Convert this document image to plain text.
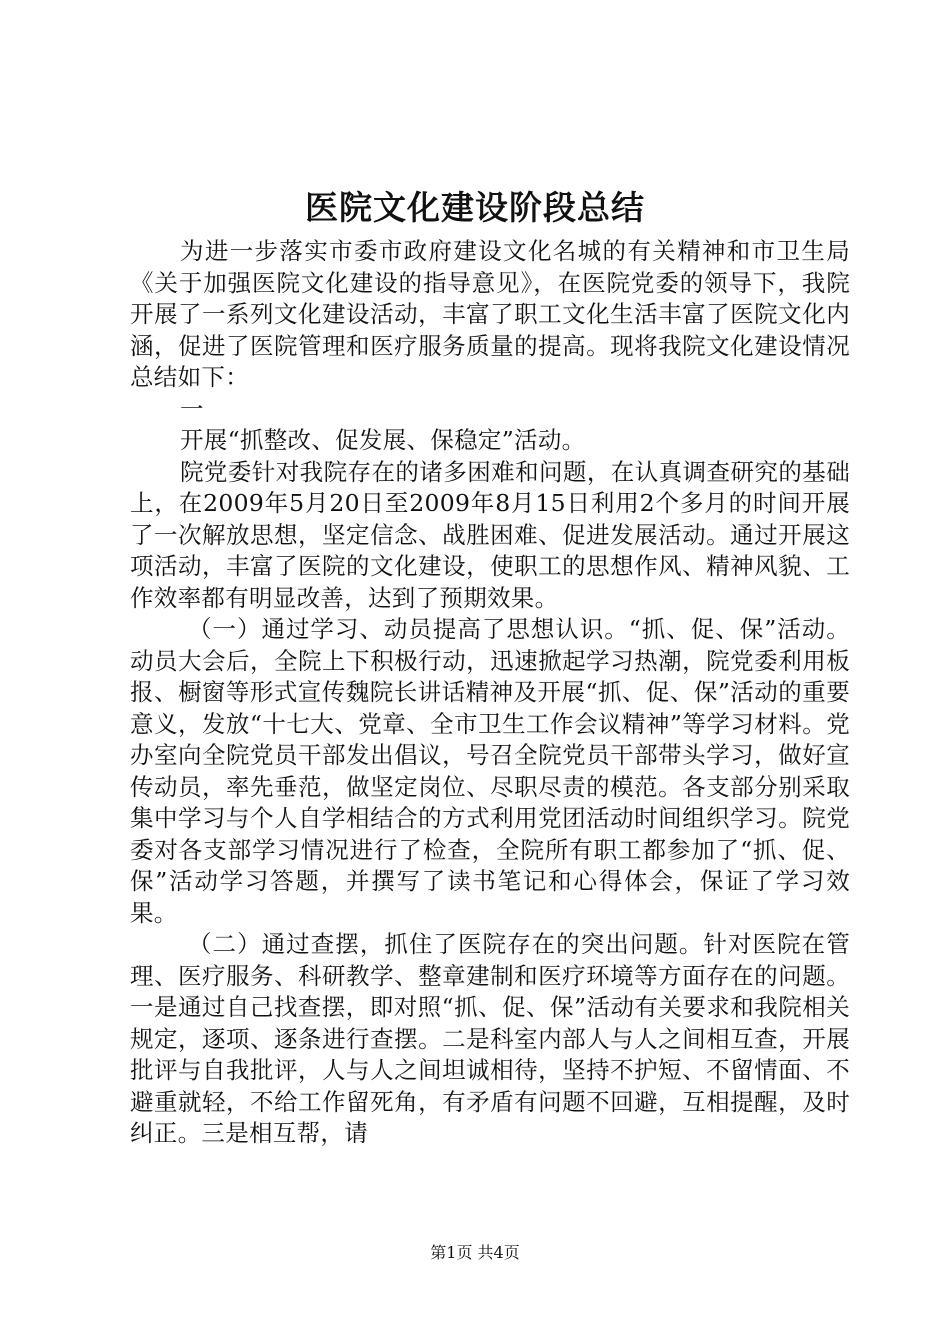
医院文化建设阶段总结

为进一步落实市委市政府建设文化名城的有关精神和市卫生局《关于加强医院文化建设的指导意见》，在医院党委的领导下，我院开展了一系列文化建设活动，丰富了职工文化生活丰富了医院文化内涵，促进了医院管理和医疗服务质量的提高。现将我院文化建设情况总结如下：

一

开展“抓整改、促发展、保稳定”活动。

院党委针对我院存在的诸多困难和问题，在认真调查研究的基础上，在2009年5月20日至2009年8月15日利用2个多月的时间开展了一次解放思想，坚定信念、战胜困难、促进发展活动。通过开展这项活动，丰富了医院的文化建设，使职工的思想作风、精神风貌、工作效率都有明显改善，达到了预期效果。

（一）通过学习、动员提高了思想认识。“抓、促、保”活动。动员大会后，全院上下积极行动，迅速掀起学习热潮，院党委利用板报、橱窗等形式宣传魏院长讲话精神及开展“抓、促、保”活动的重要意义，发放“十七大、党章、全市卫生工作会议精神”等学习材料。党办室向全院党员干部发出倡议，号召全院党员干部带头学习，做好宣传动员，率先垂范，做坚定岗位、尽职尽责的模范。各支部分别采取集中学习与个人自学相结合的方式利用党团活动时间组织学习。院党委对各支部学习情况进行了检查，全院所有职工都参加了“抓、促、保”活动学习答题，并撰写了读书笔记和心得体会，保证了学习效果。

（二）通过查摆，抓住了医院存在的突出问题。针对医院在管理、医疗服务、科研教学、整章建制和医疗环境等方面存在的问题。一是通过自己找查摆，即对照“抓、促、保”活动有关要求和我院相关规定，逐项、逐条进行查摆。二是科室内部人与人之间相互查，开展批评与自我批评，人与人之间坦诚相待，坚持不护短、不留情面、不避重就轻，不给工作留死角，有矛盾有问题不回避，互相提醒，及时纠正。三是相互帮，请

第1页 共4页
